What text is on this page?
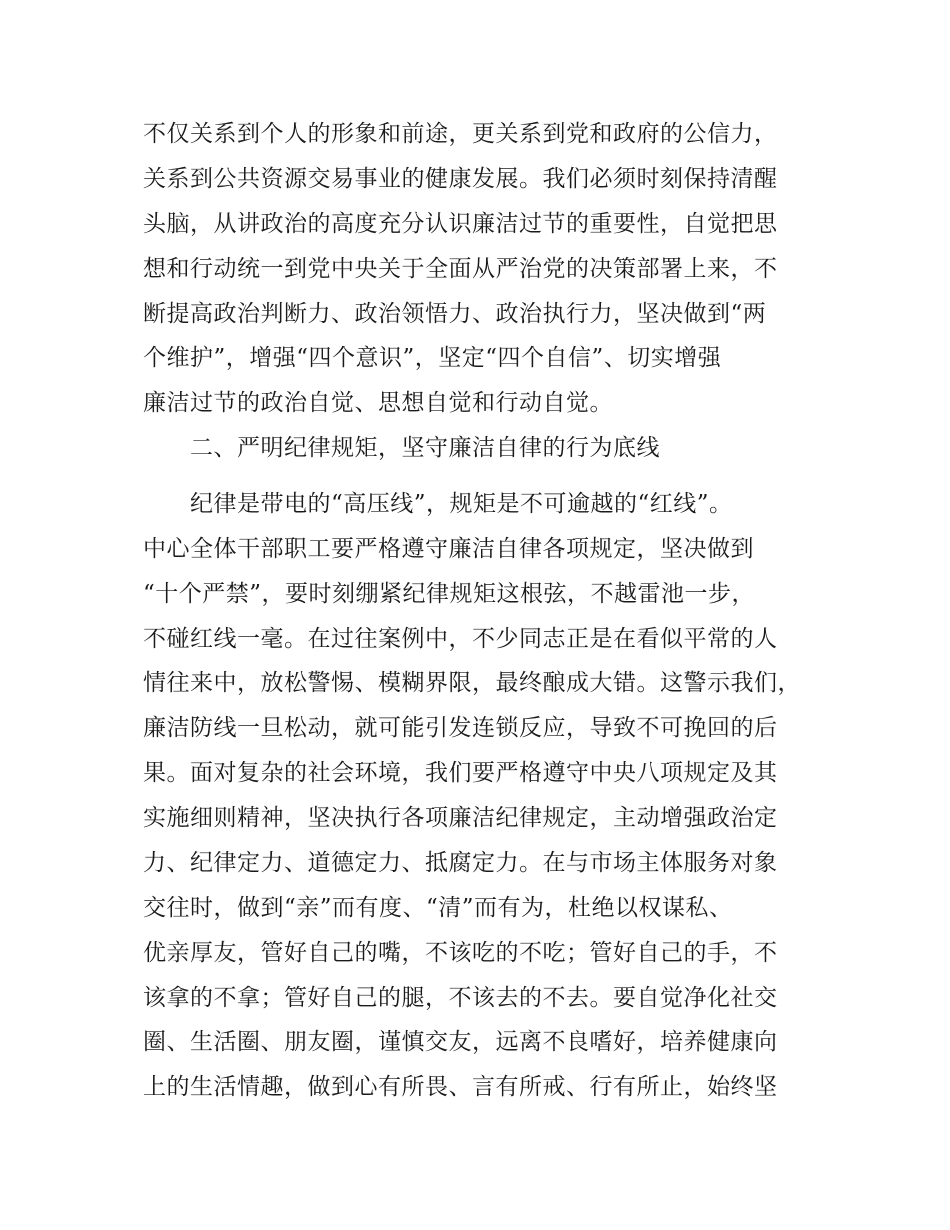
不仅关系到个人的形象和前途，更关系到党和政府的公信力，
关系到公共资源交易事业的健康发展。我们必须时刻保持清醒
头脑，从讲政治的高度充分认识廉洁过节的重要性，自觉把思
想和行动统一到党中央关于全面从严治党的决策部署上来，不
断提高政治判断力、政治领悟力、政治执行力，坚决做到“两
个维护”，增强“四个意识”，坚定“四个自信”、切实增强
廉洁过节的政治自觉、思想自觉和行动自觉。
二、严明纪律规矩，坚守廉洁自律的行为底线
纪律是带电的“高压线”，规矩是不可逾越的“红线”。
中心全体干部职工要严格遵守廉洁自律各项规定，坚决做到
“十个严禁”，要时刻绷紧纪律规矩这根弦，不越雷池一步，
不碰红线一毫。在过往案例中，不少同志正是在看似平常的人
情往来中，放松警惕、模糊界限，最终酿成大错。这警示我们，
廉洁防线一旦松动，就可能引发连锁反应，导致不可挽回的后
果。面对复杂的社会环境，我们要严格遵守中央八项规定及其
实施细则精神，坚决执行各项廉洁纪律规定，主动增强政治定
力、纪律定力、道德定力、抵腐定力。在与市场主体服务对象
交往时，做到“亲”而有度、“清”而有为，杜绝以权谋私、
优亲厚友，管好自己的嘴，不该吃的不吃；管好自己的手，不
该拿的不拿；管好自己的腿，不该去的不去。要自觉净化社交
圈、生活圈、朋友圈，谨慎交友，远离不良嗜好，培养健康向
上的生活情趣，做到心有所畏、言有所戒、行有所止，始终坚
